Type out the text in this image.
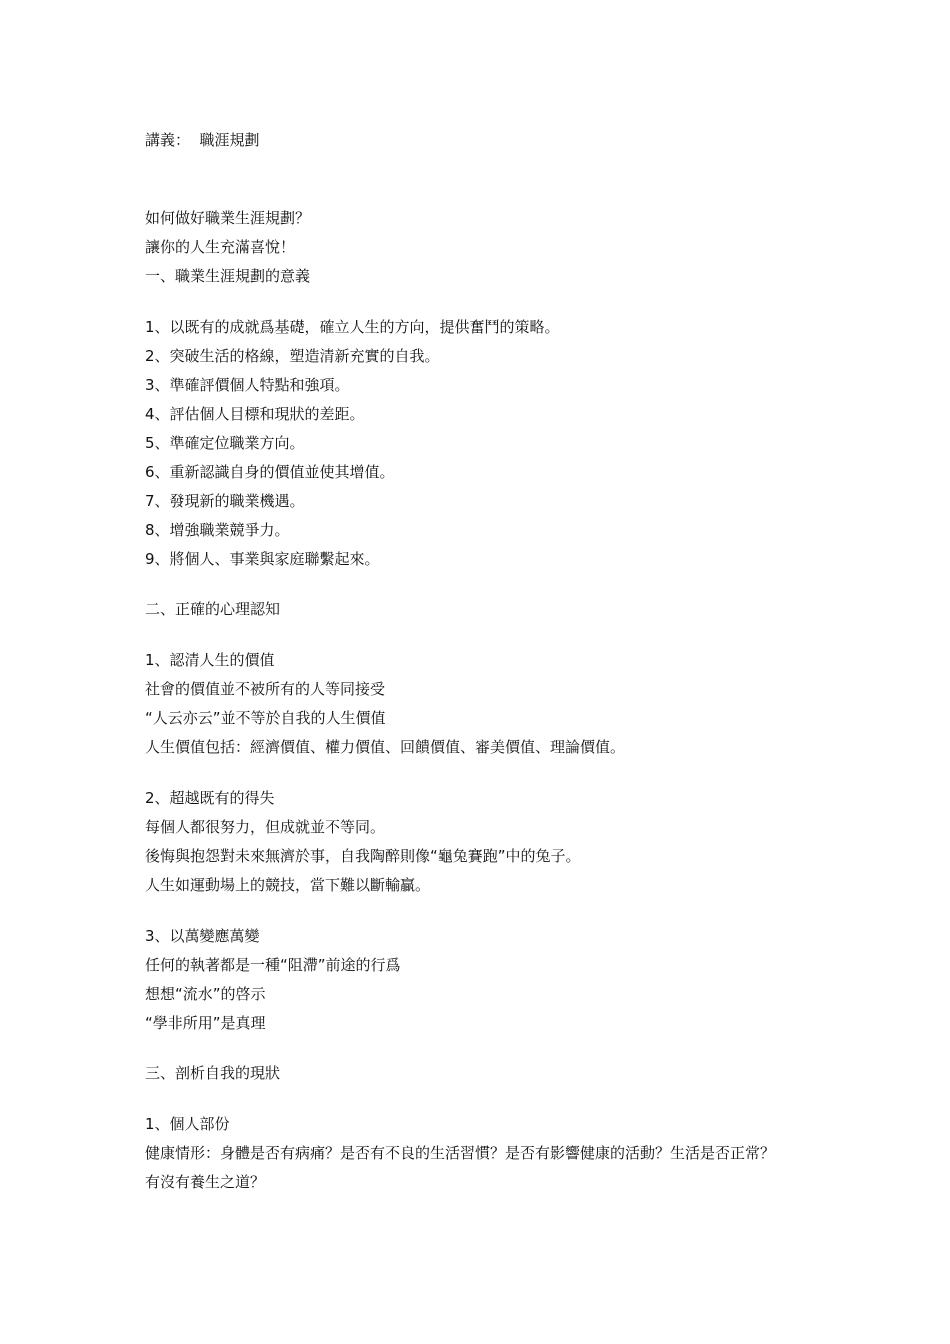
講義：  職涯規劃
如何做好職業生涯規劃？
讓你的人生充滿喜悅！
一、職業生涯規劃的意義
1、以既有的成就爲基礎，確立人生的方向，提供奮鬥的策略。
2、突破生活的格線，塑造清新充實的自我。
3、準確評價個人特點和強項。
4、評估個人目標和現狀的差距。
5、準確定位職業方向。
6、重新認識自身的價值並使其增值。
7、發現新的職業機遇。
8、增強職業競爭力。
9、將個人、事業與家庭聯繫起來。
二、正確的心理認知
1、認清人生的價值
社會的價值並不被所有的人等同接受
“人云亦云”並不等於自我的人生價值
人生價值包括：經濟價值、權力價值、回饋價值、審美價值、理論價值。
2、超越既有的得失
每個人都很努力，但成就並不等同。
後悔與抱怨對未來無濟於事，自我陶醉則像“龜兔賽跑”中的兔子。
人生如運動場上的競技，當下難以斷輸贏。
3、以萬變應萬變
任何的執著都是一種“阻滯”前途的行爲
想想“流水”的啓示
“學非所用”是真理
三、剖析自我的現狀
1、個人部份
健康情形：身體是否有病痛？是否有不良的生活習慣？是否有影響健康的活動？生活是否正常？
有沒有養生之道？
